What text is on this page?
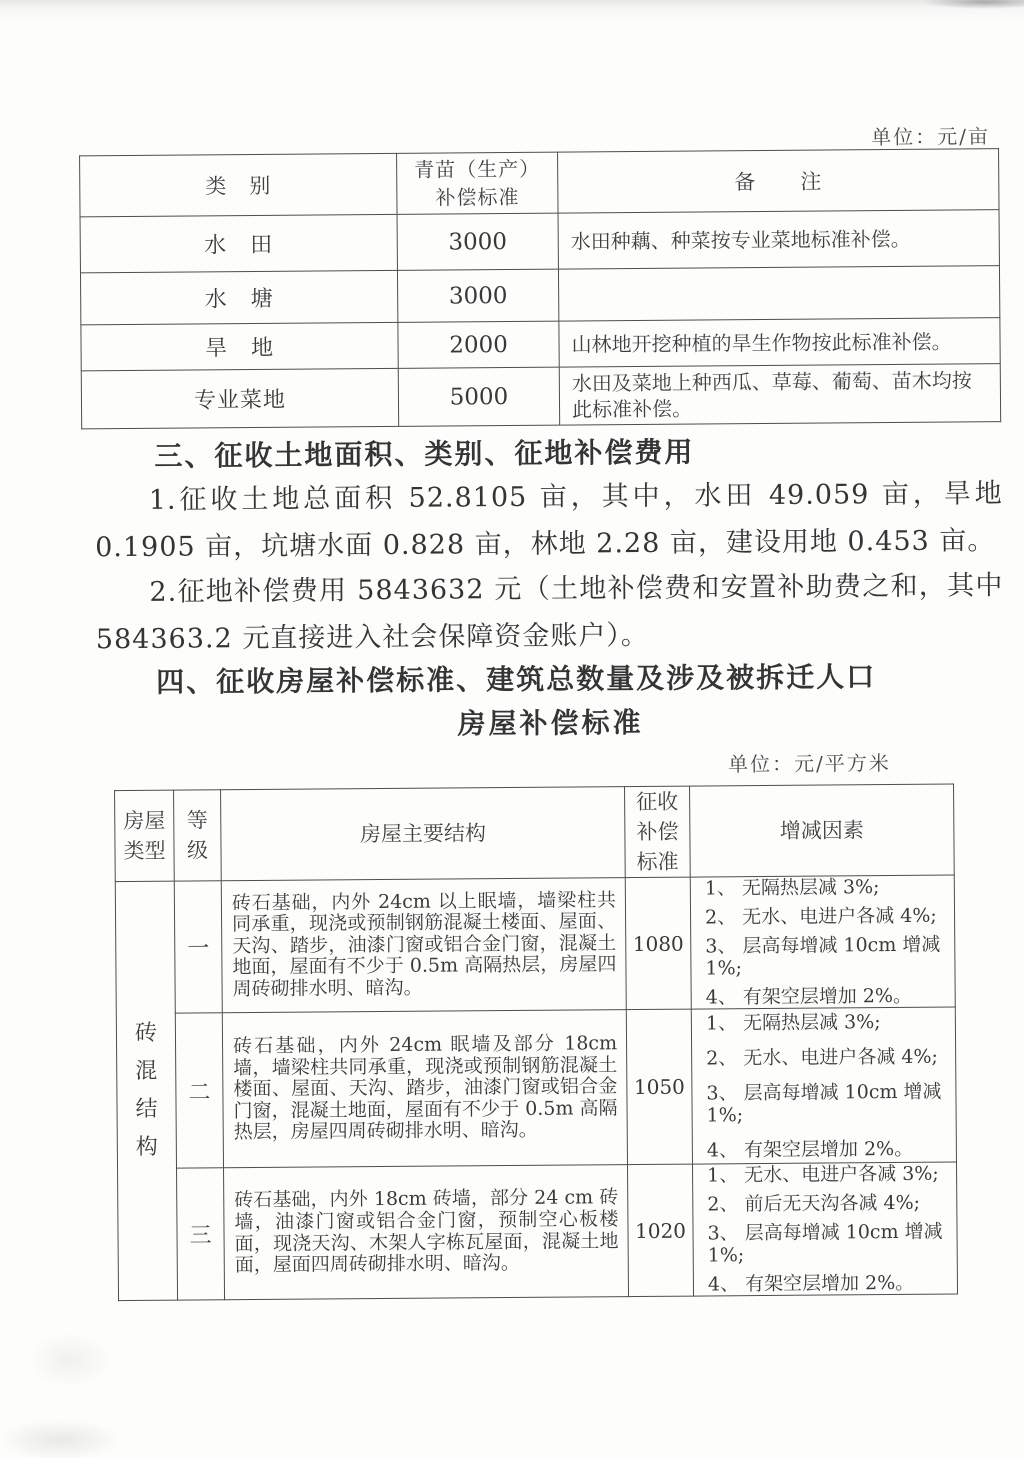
单位：元/亩
类　别	青苗（生产）补偿标准	备　　注
水　田	3000	水田种藕、种菜按专业菜地标准补偿。
水　塘	3000	
旱　地	2000	山林地开挖种植的旱生作物按此标准补偿。
专业菜地	5000	水田及菜地上种西瓜、草莓、葡萄、苗木均按此标准补偿。
三、征收土地面积、类别、征地补偿费用
1.征收土地总面积 52.8105 亩，其中，水田 49.059 亩，旱地 0.1905 亩，坑塘水面 0.828 亩，林地 2.28 亩，建设用地 0.453 亩。
2.征地补偿费用 5843632 元（土地补偿费和安置补助费之和，其中 584363.2 元直接进入社会保障资金账户）。
四、征收房屋补偿标准、建筑总数量及涉及被拆迁人口
房屋补偿标准
单位：元/平方米
房屋类型	等级	房屋主要结构	征收补偿标准	增减因素

砖混结构	一	砖石基础，内外 24cm 以上眠墙，墙梁柱共同承重，现浇或预制钢筋混凝土楼面、屋面、天沟、踏步，油漆门窗或铝合金门窗，混凝土地面，屋面有不少于 0.5m 高隔热层，房屋四周砖砌排水明、暗沟。	1080	1、 无隔热层减 3%;
2、 无水、电进户各减 4%;
3、 层高每增减 10cm 增减 1%;
4、 有架空层增加 2%。

	二	砖石基础，内外 24cm 眠墙及部分 18cm 墙，墙梁柱共同承重，现浇或预制钢筋混凝土楼面、屋面、天沟、踏步，油漆门窗或铝合金门窗，混凝土地面，屋面有不少于 0.5m 高隔热层，房屋四周砖砌排水明、暗沟。	1050	1、 无隔热层减 3%;
2、 无水、电进户各减 4%;
3、 层高每增减 10cm 增减 1%;
4、 有架空层增加 2%。

	三	砖石基础，内外 18cm 砖墙，部分 24 cm 砖墙，油漆门窗或铝合金门窗，预制空心板楼面，现浇天沟、木架人字栋瓦屋面，混凝土地面，屋面四周砖砌排水明、暗沟。	1020	1、 无水、电进户各减 3%;
2、 前后无天沟各减 4%;
3、 层高每增减 10cm 增减 1%;
4、 有架空层增加 2%。
